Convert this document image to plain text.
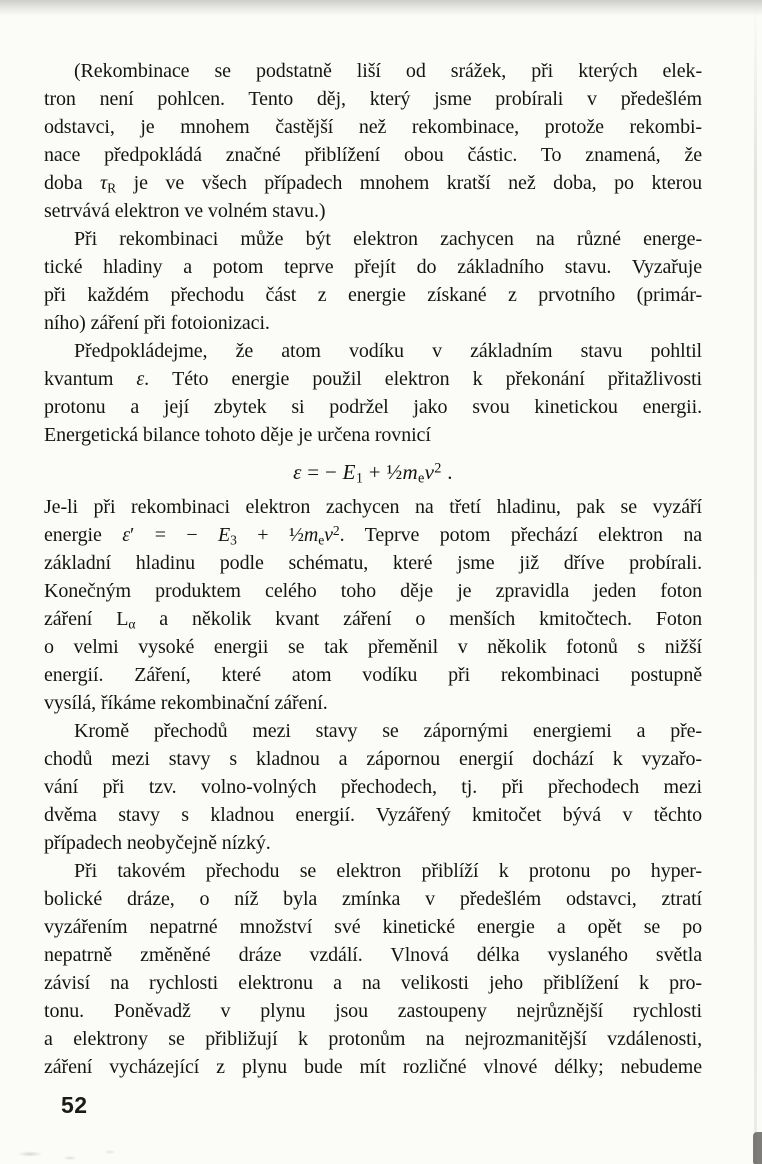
(Rekombinace se podstatně liší od srážek, při kterých elek-
tron není pohlcen. Tento děj, který jsme probírali v předešlém
odstavci, je mnohem častější než rekombinace, protože rekombi-
nace předpokládá značné přiblížení obou částic. To znamená, že
doba $\tau_R$ je ve všech případech mnohem kratší než doba, po kterou
setrvává elektron ve volném stavu.)

Při rekombinaci může být elektron zachycen na různé energe-
tické hladiny a potom teprve přejít do základního stavu. Vyzařuje
při každém přechodu část z energie získané z prvotního (primár-
ního) záření při fotoionizaci.

Předpokládejme, že atom vodíku v základním stavu pohltil
kvantum ε. Této energie použil elektron k překonání přitažlivosti
protonu a její zbytek si podržel jako svou kinetickou energii.
Energetická bilance tohoto děje je určena rovnicí

ε = − $E_1$ + $\frac{1}{2}m_ev^2$ .

Je-li při rekombinaci elektron zachycen na třetí hladinu, pak se vyzáří
energie ε′ = − $E_3$ + $\frac{1}{2}m_ev^2$. Teprve potom přechází elektron na
základní hladinu podle schématu, které jsme již dříve probírali.
Konečným produktem celého toho děje je zpravidla jeden foton
záření $L_\alpha$ a několik kvant záření o menších kmitočtech. Foton
o velmi vysoké energii se tak přeměnil v několik fotonů s nižší
energií. Záření, které atom vodíku při rekombinaci postupně
vysílá, říkáme rekombinační záření.

Kromě přechodů mezi stavy se zápornými energiemi a pře-
chodů mezi stavy s kladnou a zápornou energií dochází k vyzařo-
vání při tzv. volno-volných přechodech, tj. při přechodech mezi
dvěma stavy s kladnou energií. Vyzářený kmitočet bývá v těchto
případech neobyčejně nízký.

Při takovém přechodu se elektron přiblíží k protonu po hyper-
bolické dráze, o níž byla zmínka v předešlém odstavci, ztratí
vyzářením nepatrné množství své kinetické energie a opět se po
nepatrně změněné dráze vzdálí. Vlnová délka vyslaného světla
závisí na rychlosti elektronu a na velikosti jeho přiblížení k pro-
tonu. Poněvadž v plynu jsou zastoupeny nejrůznější rychlosti
a elektrony se přibližují k protonům na nejrozmanitější vzdálenosti,
záření vycházející z plynu bude mít rozličné vlnové délky; nebudeme

52
